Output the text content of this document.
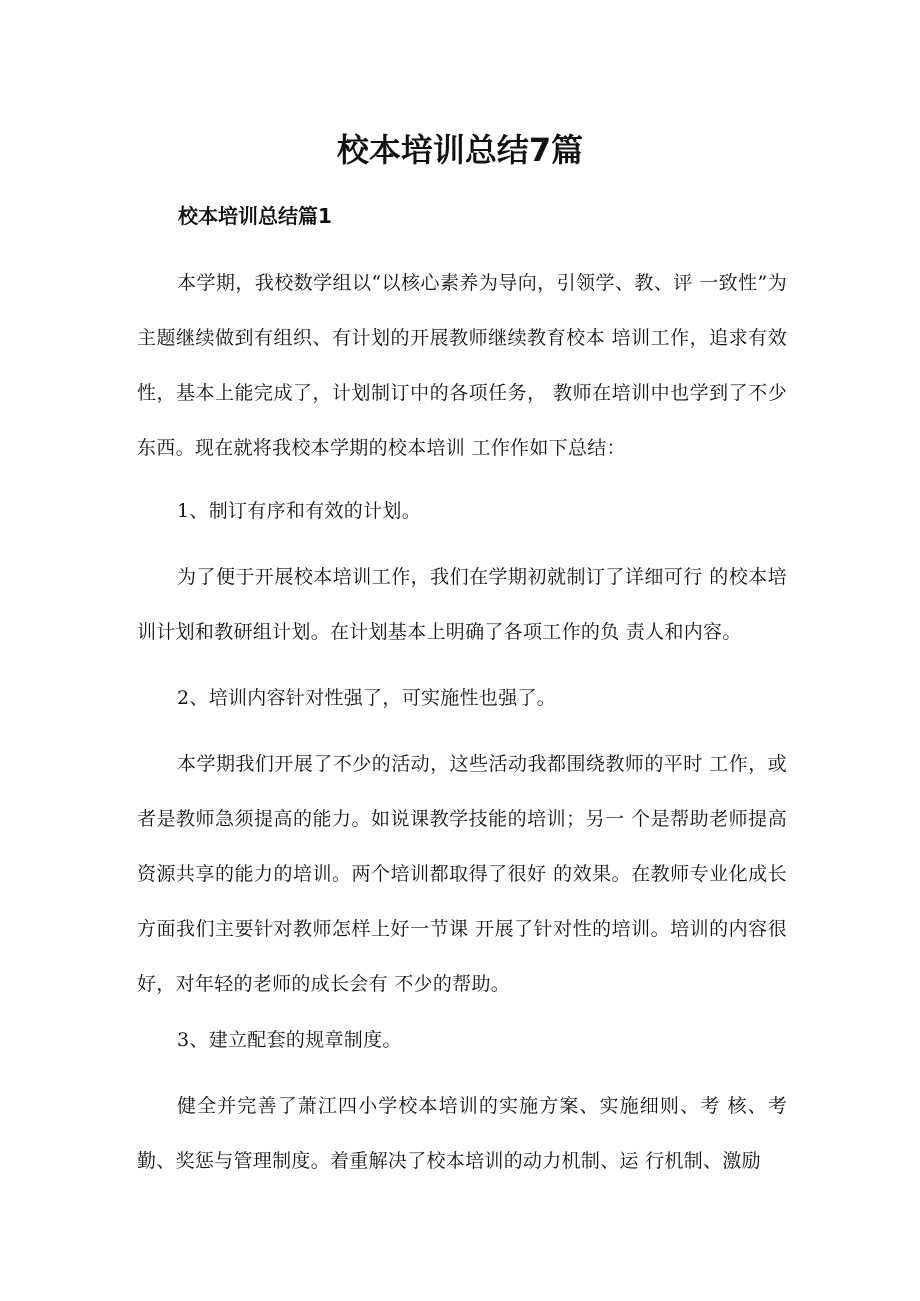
校本培训总结7篇
校本培训总结篇1

本学期，我校数学组以“以核心素养为导向，引领学、教、评 一致性”为主题继续做到有组织、有计划的开展教师继续教育校本 培训工作，追求有效性，基本上能完成了，计划制订中的各项任务， 教师在培训中也学到了不少东西。现在就将我校本学期的校本培训 工作作如下总结：

1、制订有序和有效的计划。

为了便于开展校本培训工作，我们在学期初就制订了详细可行 的校本培训计划和教研组计划。在计划基本上明确了各项工作的负 责人和内容。

2、培训内容针对性强了，可实施性也强了。

本学期我们开展了不少的活动，这些活动我都围绕教师的平时 工作，或者是教师急须提高的能力。如说课教学技能的培训；另一 个是帮助老师提高资源共享的能力的培训。两个培训都取得了很好 的效果。在教师专业化成长方面我们主要针对教师怎样上好一节课 开展了针对性的培训。培训的内容很好，对年轻的老师的成长会有 不少的帮助。

3、建立配套的规章制度。

健全并完善了萧江四小学校本培训的实施方案、实施细则、考 核、考勤、奖惩与管理制度。着重解决了校本培训的动力机制、运 行机制、激励
